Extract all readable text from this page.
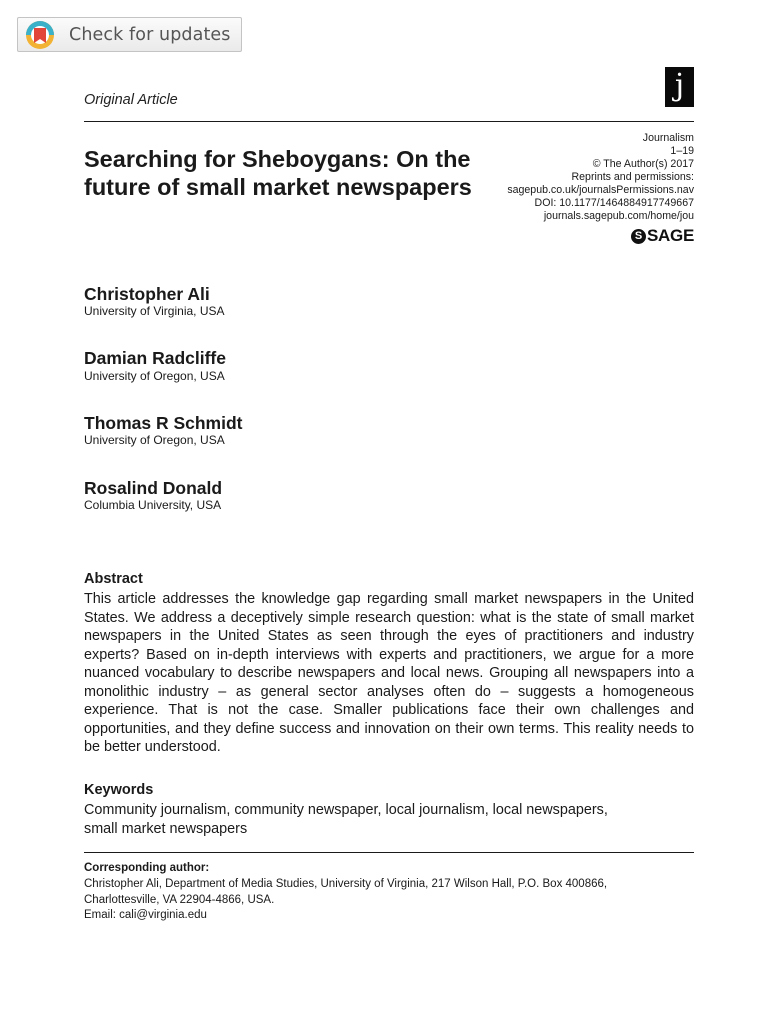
Check for updates
Original Article	j
Searching for Sheboygans: On the future of small market newspapers
Journalism
1–19
© The Author(s) 2017
Reprints and permissions:
sagepub.co.uk/journalsPermissions.nav
DOI: 10.1177/1464884917749667
journals.sagepub.com/home/jou
S SAGE
Christopher Ali
University of Virginia, USA
Damian Radcliffe
University of Oregon, USA
Thomas R Schmidt
University of Oregon, USA
Rosalind Donald
Columbia University, USA
Abstract
This article addresses the knowledge gap regarding small market newspapers in the United States. We address a deceptively simple research question: what is the state of small market newspapers in the United States as seen through the eyes of practitioners and industry experts? Based on in-depth interviews with experts and practitioners, we argue for a more nuanced vocabulary to describe newspapers and local news. Grouping all newspapers into a monolithic industry – as general sector analyses often do – suggests a homogeneous experience. That is not the case. Smaller publications face their own challenges and opportunities, and they define success and innovation on their own terms. This reality needs to be better understood.
Keywords
Community journalism, community newspaper, local journalism, local newspapers,
small market newspapers
Corresponding author:
Christopher Ali, Department of Media Studies, University of Virginia, 217 Wilson Hall, P.O. Box 400866,
Charlottesville, VA 22904-4866, USA.
Email: cali@virginia.edu
